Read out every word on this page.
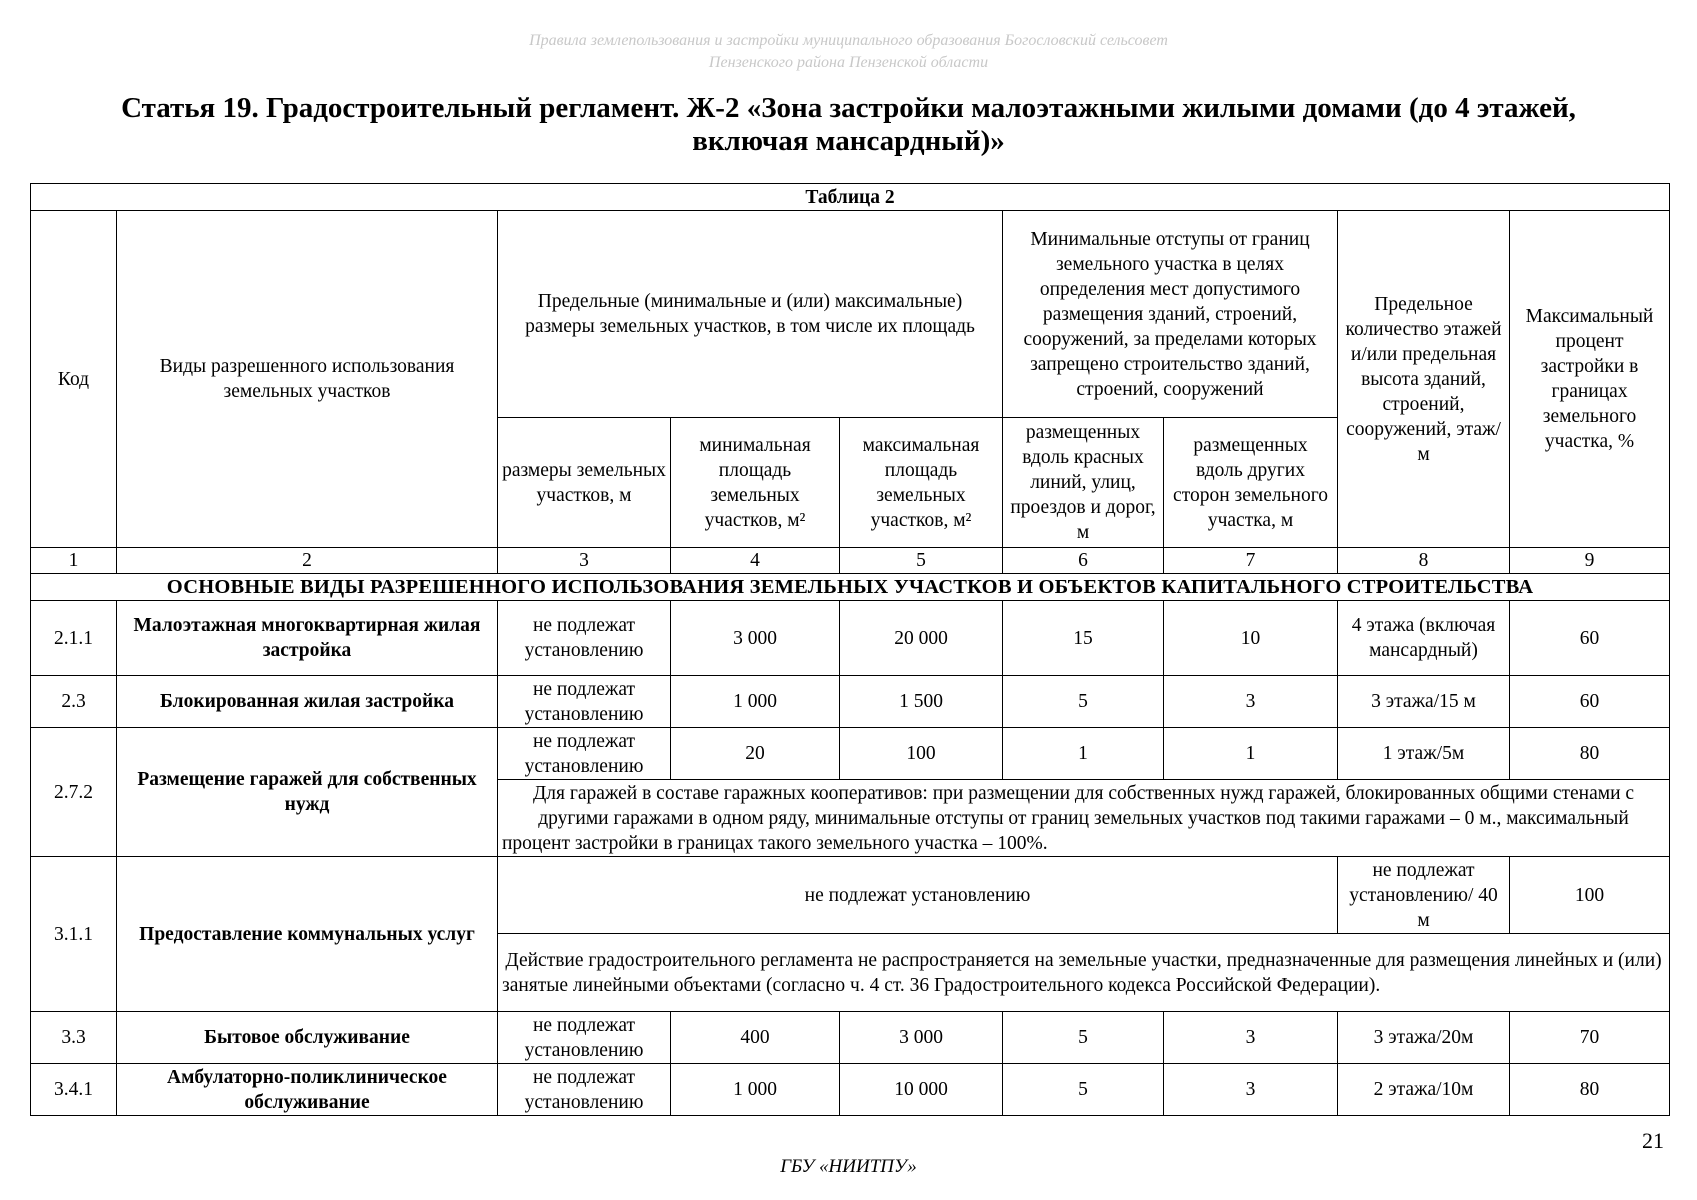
Правила землепользования и застройки муниципального образования Богословский сельсовет
Пензенского района Пензенской области
Статья 19. Градостроительный регламент. Ж-2 «Зона застройки малоэтажными жилыми домами (до 4 этажей,
включая мансардный)»
Таблица 2								
Код	Виды разрешенного использования земельных участков	Предельные (минимальные и (или) максимальные) размеры земельных участков, в том числе их площадь			Минимальные отступы от границ земельного участка в целях определения мест допустимого размещения зданий, строений, сооружений, за пределами которых запрещено строительство зданий, строений, сооружений		Предельное количество этажей и/или предельная высота зданий, строений, сооружений, этаж/м	Максимальный процент застройки в границах земельного участка, %
		размеры земельных участков, м	минимальная площадь земельных участков, м²	максимальная площадь земельных участков, м²	размещенных вдоль красных линий, улиц, проездов и дорог, м	размещенных вдоль других сторон земельного участка, м		
1	2	3	4	5	6	7	8	9
ОСНОВНЫЕ ВИДЫ РАЗРЕШЕННОГО ИСПОЛЬЗОВАНИЯ ЗЕМЕЛЬНЫХ УЧАСТКОВ И ОБЪЕКТОВ КАПИТАЛЬНОГО СТРОИТЕЛЬСТВА								
2.1.1	Малоэтажная многоквартирная жилая застройка	не подлежат установлению	3 000	20 000	15	10	4 этажа (включая мансардный)	60
2.3	Блокированная жилая застройка	не подлежат установлению	1 000	1 500	5	3	3 этажа/15 м	60
2.7.2	Размещение гаражей для собственных нужд	не подлежат установлению	20	100	1	1	1 этаж/5м	80
		Для гаражей в составе гаражных кооперативов: при размещении для собственных нужд гаражей, блокированных общими стенами с другими гаражами в одном ряду, минимальные отступы от границ земельных участков под такими гаражами – 0 м., максимальный процент застройки в границах такого земельного участка – 100%.						
3.1.1	Предоставление коммунальных услуг	не подлежат установлению					не подлежат установлению/ 40 м	100
		Действие градостроительного регламента не распространяется на земельные участки, предназначенные для размещения линейных и (или) занятые линейными объектами (согласно ч. 4 ст. 36 Градостроительного кодекса Российской Федерации).						
3.3	Бытовое обслуживание	не подлежат установлению	400	3 000	5	3	3 этажа/20м	70
3.4.1	Амбулаторно-поликлиническое обслуживание	не подлежат установлению	1 000	10 000	5	3	2 этажа/10м	80
21
ГБУ «НИИТПУ»
